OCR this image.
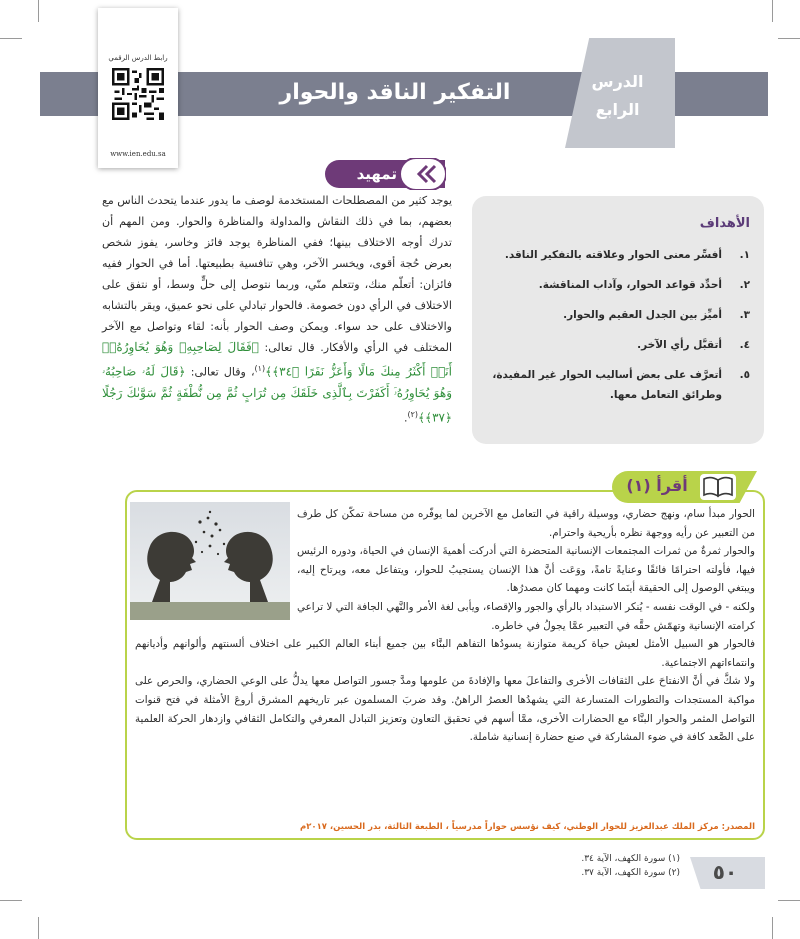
الدرس
الرابع
التفكير الناقد والحوار
رابط الدرس الرقمي
www.ien.edu.sa
تمهيد
يوجد كثير من المصطلحات المستخدمة لوصف ما يدور عندما يتحدث الناس مع بعضهم، بما في ذلك النقاش والمداولة والمناظرة والحوار. ومن المهم أن تدرك أوجه الاختلاف بينها؛ ففي المناظرة يوجد فائز وخاسر، يفوز شخص بعرض حُجة أقوى، ويخسر الآخر، وهي تنافسية بطبيعتها. أما في الحوار ففيه فائزان: أتعلّم منك، وتتعلم منّي، وربما نتوصل إلى حلٍّ وسط، أو نتفق على الاختلاف في الرأي دون خصومة. فالحوار تبادلي على نحو عميق، ويقر بالتشابه والاختلاف على حد سواء. ويمكن وصف الحوار بأنه: لقاء وتواصل مع الآخر المختلف في الرأي والأفكار. قال تعالى: ﴿فَقَالَ لِصَاحِبِهِۦ وَهُوَ يُحَاوِرُهُۥٓ أَنَا۠ أَكْثَرُ مِنكَ مَالًا وَأَعَزُّ نَفَرًا ﴿٣٤﴾﴾$^{(١)}$، وقال تعالى: ﴿قَالَ لَهُۥ صَاحِبُهُۥ وَهُوَ يُحَاوِرُهُۥٓ أَكَفَرْتَ بِٱلَّذِى خَلَقَكَ مِن تُرَابٍ ثُمَّ مِن نُّطْفَةٍ ثُمَّ سَوَّىٰكَ رَجُلًا ﴿٣٧﴾﴾$^{(٢)}$.
الأهداف
١.
أفسِّر معنى الحوار وعلاقته بالتفكير الناقد.
٢.
أحدِّد قواعد الحوار، وآداب المناقشة.
٣.
أميِّز بين الجدل العقيم والحوار.
٤.
أتقبَّل رأي الآخر.
٥.
أتعرَّف على بعض أساليب الحوار غير المفيدة، وطرائق التعامل معها.
أقرأ (١)

الحوار مبدأ سام، ونهج حضاري، ووسيلة راقية في التعامل مع الآخرين لما يوفّره من مساحة تمكّن كل طرف من التعبير عن رأيه ووجهة نظره بأريحية واحترام.

والحوار ثمرةٌ من ثمرات المجتمعات الإنسانية المتحضرة التي أدركت أهميةَ الإنسان في الحياة، ودوره الرئيس فيها، فأولته احترامًا فائقًا وعنايةً تامةً، ووَعَت أنَّ هذا الإنسان يستجيبُ للحوار، ويتفاعل معه، ويرتاح إليه، ويبتغي الوصول إلى الحقيقة أينَما كانت ومهما كان مصدرُها.

ولكنه - في الوقت نفسه - يُنكر الاستبداد بالرأي والجور والإقصاء، ويأبى لغة الأمر والنَّهي الجافة التي لا تراعي كرامته الإنسانية وتهمّش حقَّه في التعبير عمَّا يجولُ في خاطره.

فالحوار هو السبيل الأمثل لعيش حياة كريمة متوازنة يسودُها التفاهم البنَّاء بين جميع أبناء العالم الكبير على اختلاف ألسنتهم وألوانهم وأديانهم وانتماءاتهم الاجتماعية.

ولا شكَّ في أنَّ الانفتاحَ على الثقافات الأخرى والتفاعلَ معها والإفادةَ من علومها ومدَّ جسور التواصل معها يدلُّ على الوعي الحضاري، والحرص على مواكبة المستجدات والتطورات المتسارعة التي يشهدُها العصرُ الراهنُ. وقد ضربَ المسلمون عبر تاريخهم المشرق أروعَ الأمثلة في فتح قنوات التواصل المثمر والحوار البنَّاء مع الحضارات الأخرى، ممَّا أسهم في تحقيق التعاون وتعزيز التبادل المعرفي والتكامل الثقافي وازدهار الحركة العلمية على الصَّعد كافة في ضوء المشاركة في صنع حضارة إنسانية شاملة.

المصدر: مركز الملك عبدالعزيز للحوار الوطني، كيف نؤسس حواراً مدرسياً ، الطبعة الثالثة، بدر الحسين، ٢٠١٧م
(١) سورة الكهف، الآية ٣٤.
(٢) سورة الكهف، الآية ٣٧.	٥٠
